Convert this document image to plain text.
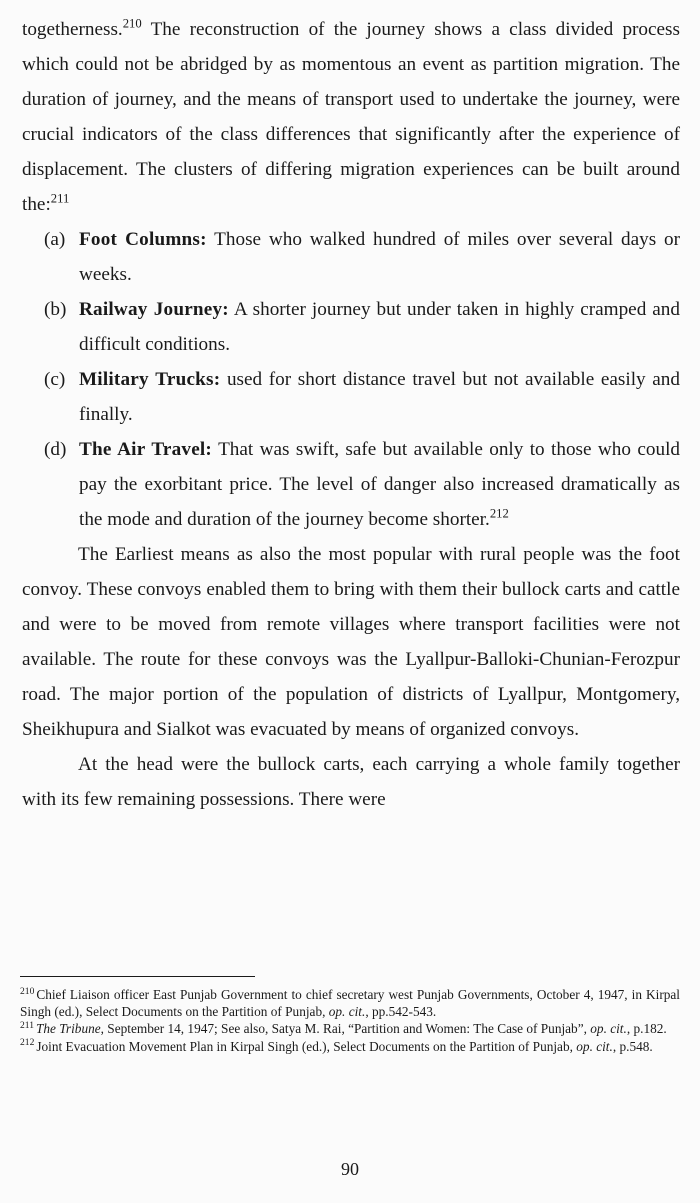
togetherness.$^{210}$ The reconstruction of the journey shows a class divided process which could not be abridged by as momentous an event as partition migration. The duration of journey, and the means of transport used to undertake the journey, were crucial indicators of the class differences that significantly after the experience of displacement. The clusters of differing migration experiences can be built around the:$^{211}$

(a) Foot Columns: Those who walked hundred of miles over several days or weeks.
(b) Railway Journey: A shorter journey but under taken in highly cramped and difficult conditions.
(c) Military Trucks: used for short distance travel but not available easily and finally.
(d) The Air Travel: That was swift, safe but available only to those who could pay the exorbitant price. The level of danger also increased dramatically as the mode and duration of the journey become shorter.$^{212}$

The Earliest means as also the most popular with rural people was the foot convoy. These convoys enabled them to bring with them their bullock carts and cattle and were to be moved from remote villages where transport facilities were not available. The route for these convoys was the Lyallpur-Balloki-Chunian-Ferozpur road. The major portion of the population of districts of Lyallpur, Montgomery, Sheikhupura and Sialkot was evacuated by means of organized convoys.

At the head were the bullock carts, each carrying a whole family together with its few remaining possessions. There were

$^{210}$ Chief Liaison officer East Punjab Government to chief secretary west Punjab Governments, October 4, 1947, in Kirpal Singh (ed.), Select Documents on the Partition of Punjab, op. cit., pp.542-543.

$^{211}$ The Tribune, September 14, 1947; See also, Satya M. Rai, “Partition and Women: The Case of Punjab”, op. cit., p.182.

$^{212}$ Joint Evacuation Movement Plan in Kirpal Singh (ed.), Select Documents on the Partition of Punjab, op. cit., p.548.

90
